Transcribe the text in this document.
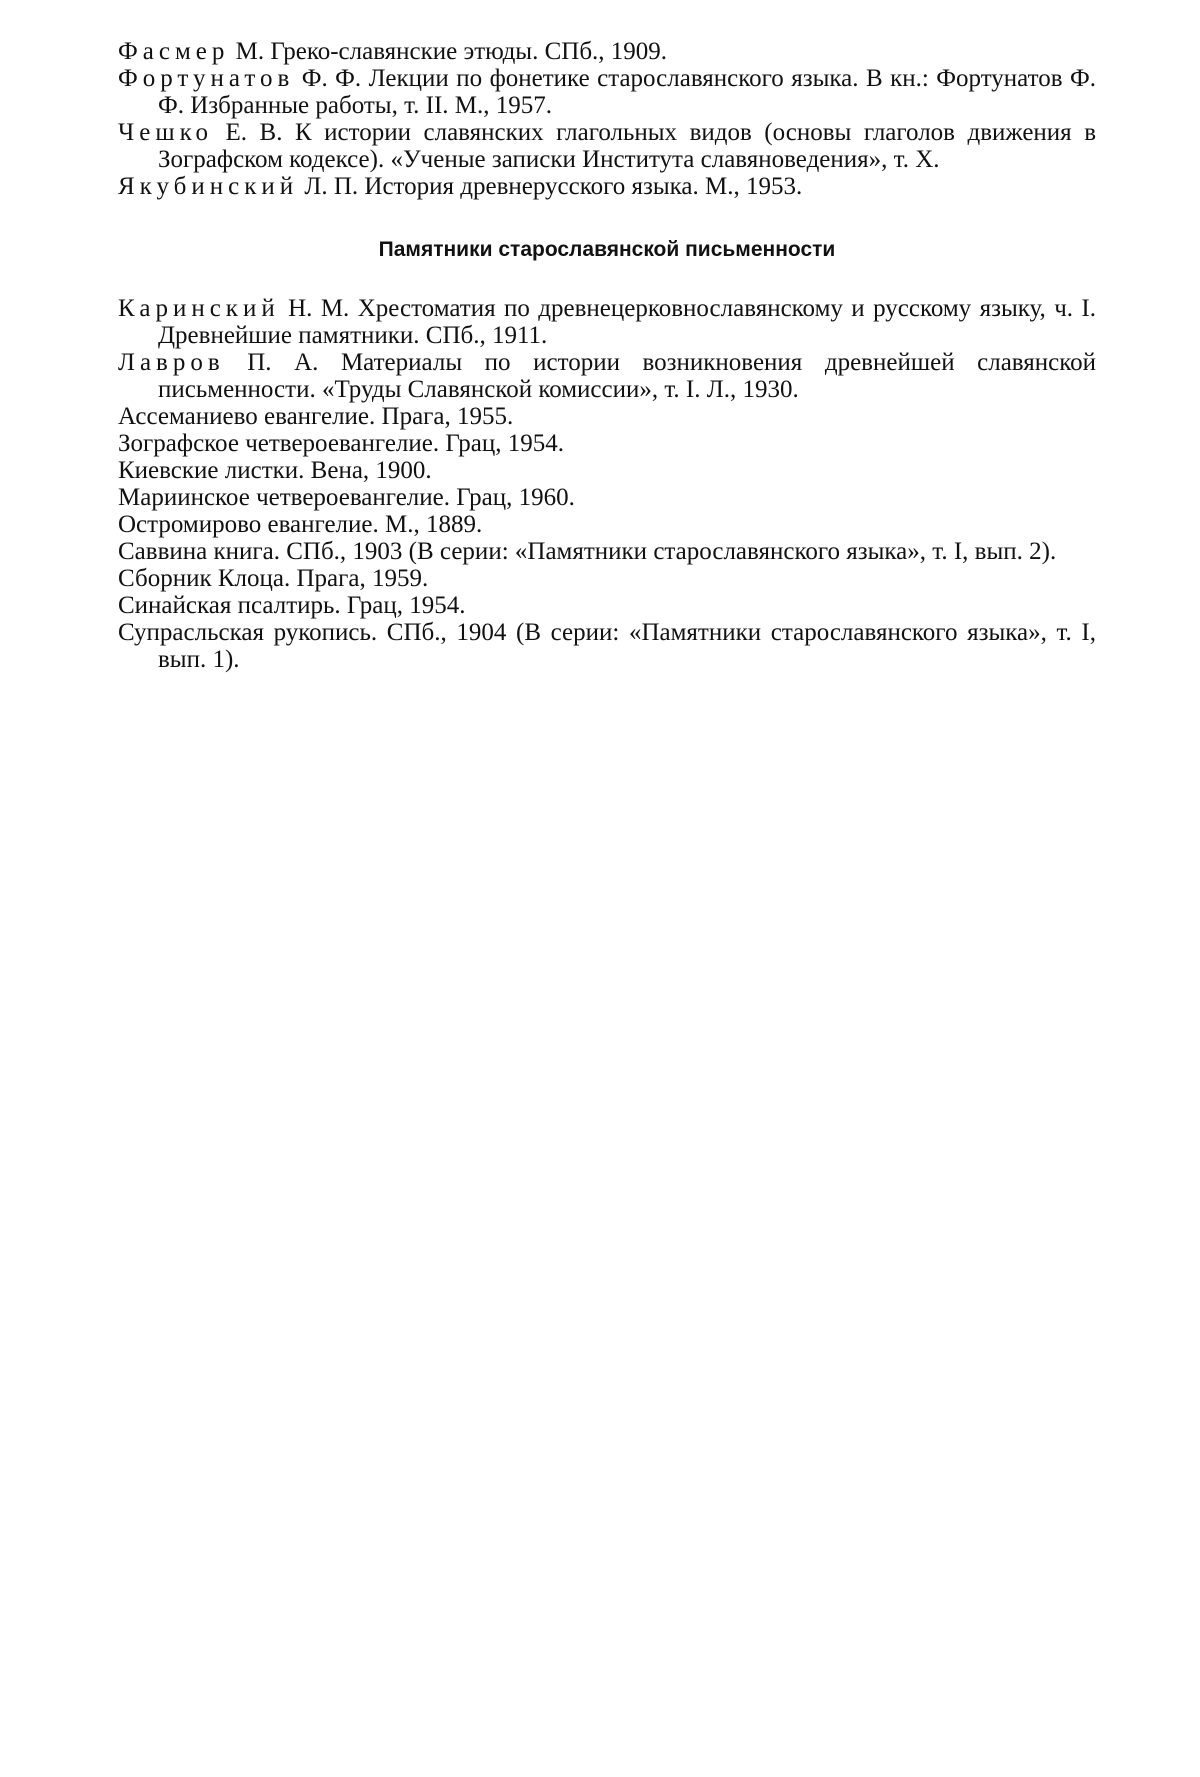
Фасмер М. Греко-славянские этюды. СПб., 1909.

Фортунатов Ф. Ф. Лекции по фонетике старославянского языка. В кн.: Фортунатов Ф. Ф. Избранные работы, т. II. М., 1957.

Чешко Е. В. К истории славянских глагольных видов (основы глаголов движения в Зографском кодексе). «Ученые записки Института славяноведения», т. X.

Якубинский Л. П. История древнерусского языка. М., 1953.

Памятники старославянской письменности

Каринский Н. М. Хрестоматия по древнецерковнославянскому и русскому языку, ч. I. Древнейшие памятники. СПб., 1911.

Лавров П. А. Материалы по истории возникновения древнейшей славянской письменности. «Труды Славянской комиссии», т. I. Л., 1930.

Ассеманиево евангелие. Прага, 1955.

Зографское четвероевангелие. Грац, 1954.

Киевские листки. Вена, 1900.

Мариинское четвероевангелие. Грац, 1960.

Остромирово евангелие. М., 1889.

Саввина книга. СПб., 1903 (В серии: «Памятники старославянского языка», т. I, вып. 2).

Сборник Клоца. Прага, 1959.

Синайская псалтирь. Грац, 1954.

Супрасльская рукопись. СПб., 1904 (В серии: «Памятники старославянского языка», т. I, вып. 1).
